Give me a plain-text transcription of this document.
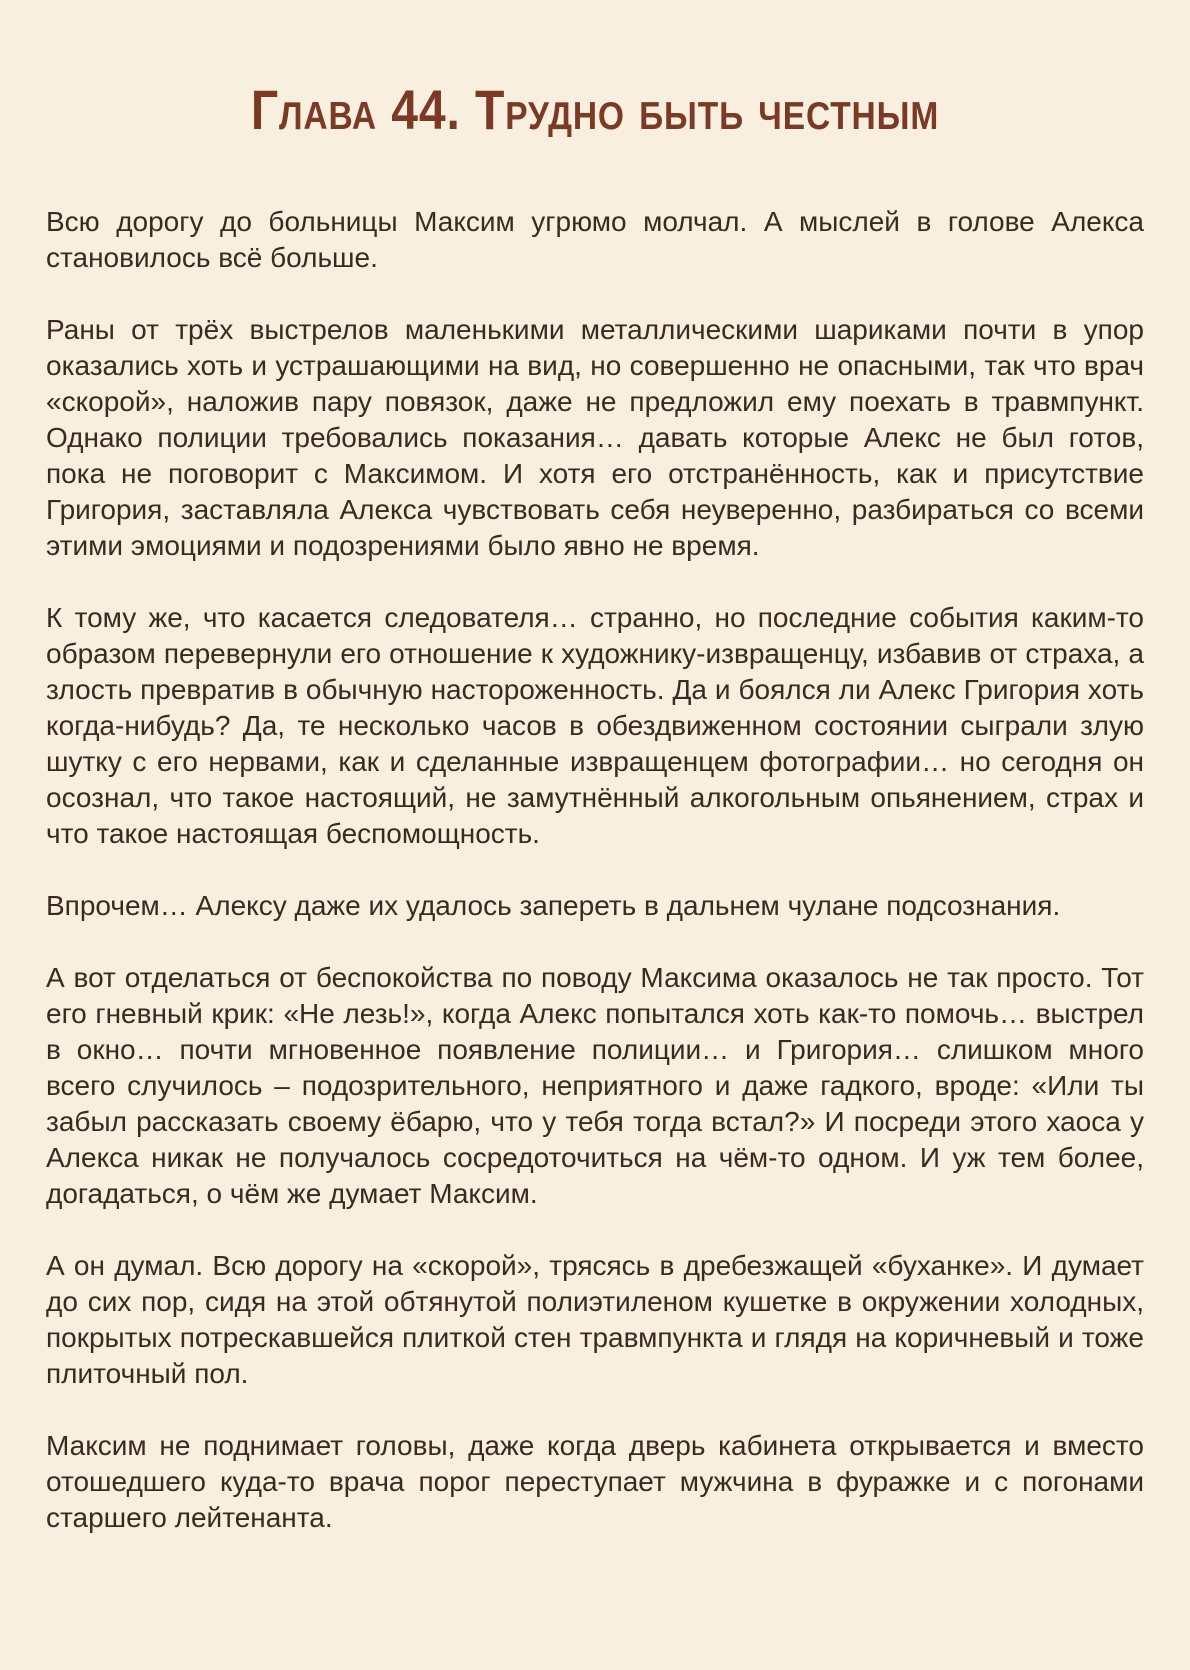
Глава 44. Трудно быть честным

Всю дорогу до больницы Максим угрюмо молчал. А мыслей в голове Алекса становилось всё больше.

Раны от трёх выстрелов маленькими металлическими шариками почти в упор оказались хоть и устрашающими на вид, но совершенно не опасными, так что врач «скорой», наложив пару повязок, даже не предложил ему поехать в травмпункт. Однако полиции требовались показания… давать которые Алекс не был готов, пока не поговорит с Максимом. И хотя его отстранённость, как и присутствие Григория, заставляла Алекса чувствовать себя неуверенно, разбираться со всеми этими эмоциями и подозрениями было явно не время.

К тому же, что касается следователя… странно, но последние события каким-то образом перевернули его отношение к художнику-извращенцу, избавив от страха, а злость превратив в обычную настороженность. Да и боялся ли Алекс Григория хоть когда-нибудь? Да, те несколько часов в обездвиженном состоянии сыграли злую шутку с его нервами, как и сделанные извращенцем фотографии… но сегодня он осознал, что такое настоящий, не замутнённый алкогольным опьянением, страх и что такое настоящая беспомощность.

Впрочем… Алексу даже их удалось запереть в дальнем чулане подсознания.

А вот отделаться от беспокойства по поводу Максима оказалось не так просто. Тот его гневный крик: «Не лезь!», когда Алекс попытался хоть как-то помочь… выстрел в окно… почти мгновенное появление полиции… и Григория… слишком много всего случилось – подозрительного, неприятного и даже гадкого, вроде: «Или ты забыл рассказать своему ёбарю, что у тебя тогда встал?» И посреди этого хаоса у Алекса никак не получалось сосредоточиться на чём-то одном. И уж тем более, догадаться, о чём же думает Максим.

А он думал. Всю дорогу на «скорой», трясясь в дребезжащей «буханке». И думает до сих пор, сидя на этой обтянутой полиэтиленом кушетке в окружении холодных, покрытых потрескавшейся плиткой стен травмпункта и глядя на коричневый и тоже плиточный пол.

Максим не поднимает головы, даже когда дверь кабинета открывается и вместо отошедшего куда-то врача порог переступает мужчина в фуражке и с погонами старшего лейтенанта.
